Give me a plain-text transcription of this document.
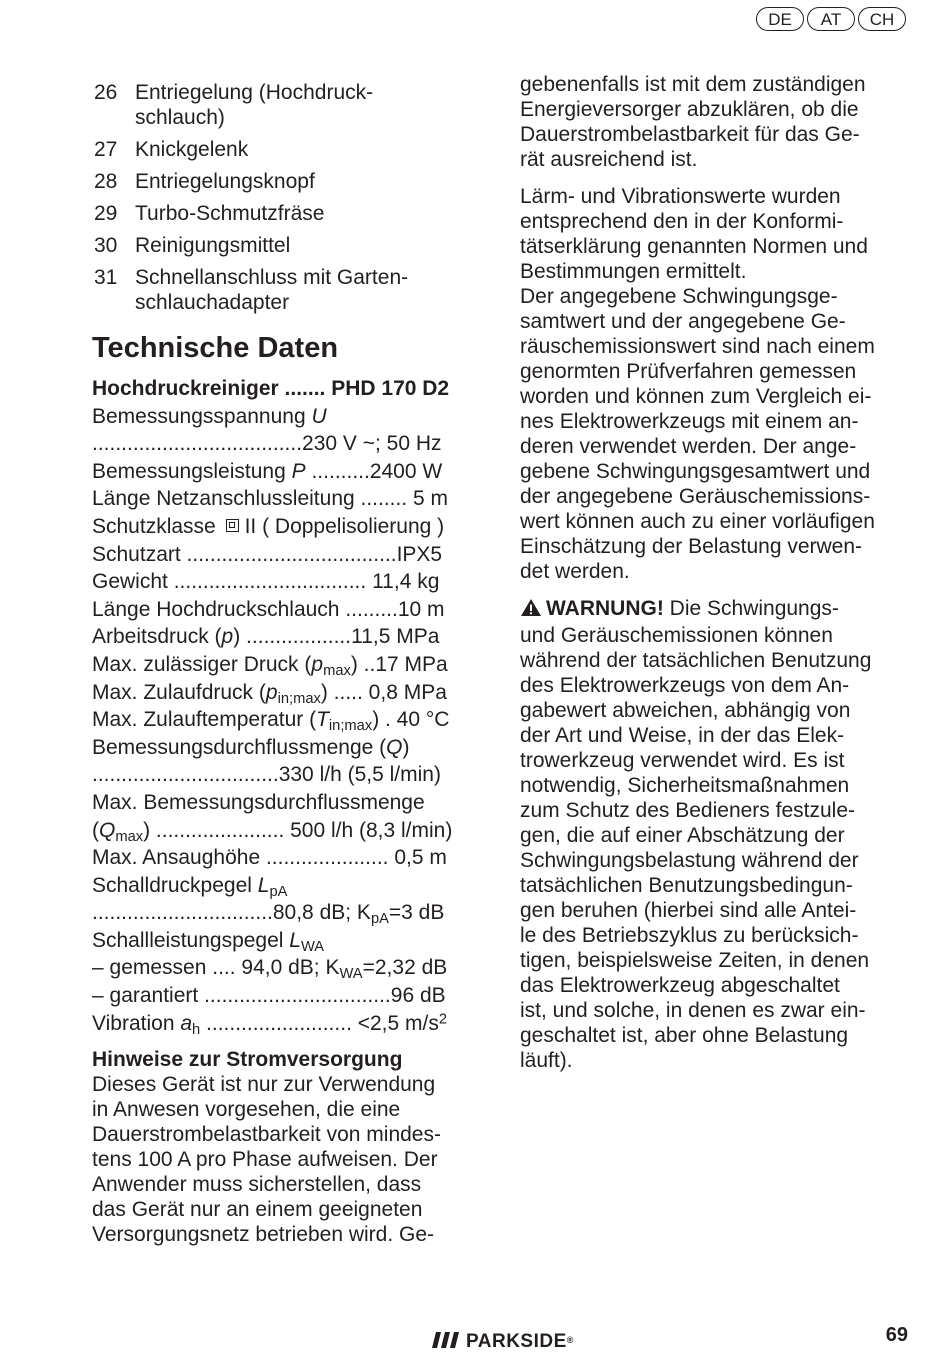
DE	AT	CH
26 Entriegelung (Hochdruck-
schlauch)
27 Knickgelenk
28 Entriegelungsknopf
29 Turbo-Schmutzfräse
30 Reinigungsmittel
31 Schnellanschluss mit Garten-
schlauchadapter
Technische Daten
Hochdruckreiniger ....... PHD 170 D2
Bemessungsspannung U
....................................230 V ~; 50 Hz
Bemessungsleistung P ..........2400 W
Länge Netzanschlussleitung ........ 5 m
Schutzklasse II ( Doppelisolierung )
Schutzart ....................................IPX5
Gewicht ................................. 11,4 kg
Länge Hochdruckschlauch .........10 m
Arbeitsdruck (p) ..................11,5 MPa
Max. zulässiger Druck $(p_{max})$ ..17 MPa
Max. Zulaufdruck $(p_{in;max})$ ..... 0,8 MPa
Max. Zulauftemperatur $(T_{in;max})$ . 40 °C
Bemessungsdurchflussmenge (Q)
................................330 l/h (5,5 l/min)
Max. Bemessungsdurchflussmenge
$(Q_{max})$ ...................... 500 l/h (8,3 l/min)
Max. Ansaughöhe ..................... 0,5 m
Schalldruckpegel $L_{pA}$
...............................80,8 dB; $K_{pA}=3$ dB
Schallleistungspegel $L_{WA}$
– gemessen .... 94,0 dB; $K_{WA}=2,32$ dB
– garantiert ................................96 dB
Vibration $a_h$ ......................... <2,5 $m/s^2$
Hinweise zur Stromversorgung
Dieses Gerät ist nur zur Verwendung
in Anwesen vorgesehen, die eine
Dauerstrombelastbarkeit von mindes-
tens 100 A pro Phase aufweisen. Der
Anwender muss sicherstellen, dass
das Gerät nur an einem geeigneten
Versorgungsnetz betrieben wird. Ge-
gebenenfalls ist mit dem zuständigen
Energieversorger abzuklären, ob die
Dauerstrombelastbarkeit für das Ge-
rät ausreichend ist.
Lärm- und Vibrationswerte wurden
entsprechend den in der Konformi-
tätserklärung genannten Normen und
Bestimmungen ermittelt.
Der angegebene Schwingungsge-
samtwert und der angegebene Ge-
räuschemissionswert sind nach einem
genormten Prüfverfahren gemessen
worden und können zum Vergleich ei-
nes Elektrowerkzeugs mit einem an-
deren verwendet werden. Der ange-
gebene Schwingungsgesamtwert und
der angegebene Geräuschemissions-
wert können auch zu einer vorläufigen
Einschätzung der Belastung verwen-
det werden.
WARNUNG! Die Schwingungs-
und Geräuschemissionen können
während der tatsächlichen Benutzung
des Elektrowerkzeugs von dem An-
gabewert abweichen, abhängig von
der Art und Weise, in der das Elek-
trowerkzeug verwendet wird. Es ist
notwendig, Sicherheitsmaßnahmen
zum Schutz des Bedieners festzule-
gen, die auf einer Abschätzung der
Schwingungsbelastung während der
tatsächlichen Benutzungsbedingun-
gen beruhen (hierbei sind alle Antei-
le des Betriebszyklus zu berücksich-
tigen, beispielsweise Zeiten, in denen
das Elektrowerkzeug abgeschaltet
ist, und solche, in denen es zwar ein-
geschaltet ist, aber ohne Belastung
läuft).
PARKSIDE®	69
